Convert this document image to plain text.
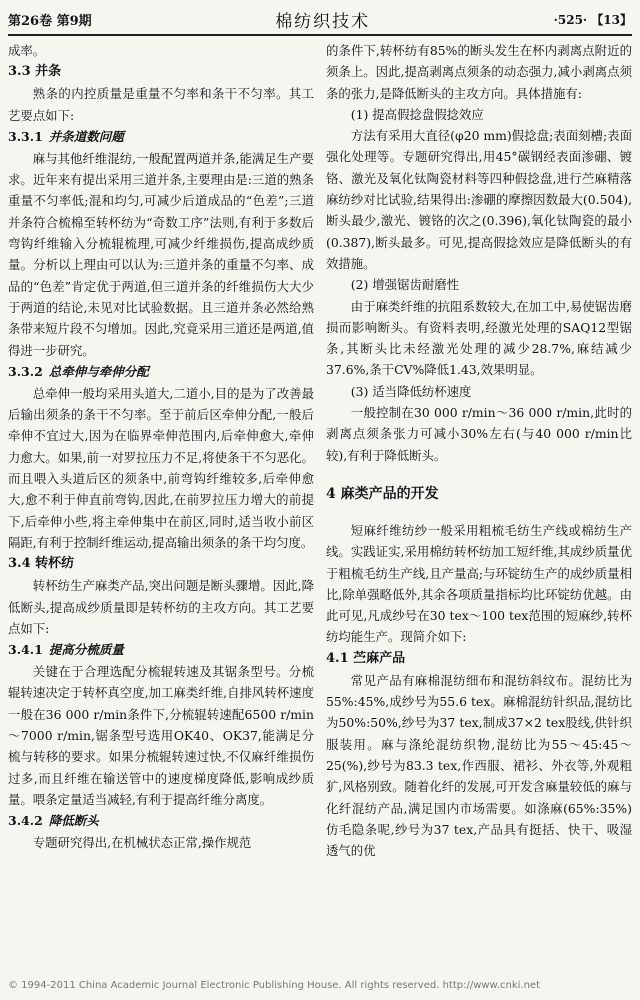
第26卷 第9期	棉纺织技术	·525· 【13】

成率。

3.3 并条

熟条的内控质量是重量不匀率和条干不匀率。其工艺要点如下:

3.3.1 并条道数问题

麻与其他纤维混纺,一般配置两道并条,能满足生产要求。近年来有提出采用三道并条,主要理由是:三道的熟条重量不匀率低;混和均匀,可减少后道成品的“色差”;三道并条符合梳棉至转杯纺为“奇数工序”法则,有利于多数后弯钩纤维输入分梳辊梳理,可减少纤维损伤,提高成纱质量。分析以上理由可以认为:三道并条的重量不匀率、成品的“色差”肯定优于两道,但三道并条的纤维损伤大大少于两道的结论,未见对比试验数据。且三道并条必然给熟条带来短片段不匀增加。因此,究竟采用三道还是两道,值得进一步研究。

3.3.2 总牵伸与牵伸分配

总牵伸一般均采用头道大,二道小,目的是为了改善最后输出须条的条干不匀率。至于前后区牵伸分配,一般后牵伸不宜过大,因为在临界牵伸范围内,后牵伸愈大,牵伸力愈大。如果,前一对罗拉压力不足,将使条干不匀恶化。而且喂入头道后区的须条中,前弯钩纤维较多,后牵伸愈大,愈不利于伸直前弯钩,因此,在前罗拉压力增大的前提下,后牵伸小些,将主牵伸集中在前区,同时,适当收小前区隔距,有利于控制纤维运动,提高输出须条的条干均匀度。

3.4 转杯纺

转杯纺生产麻类产品,突出问题是断头骤增。因此,降低断头,提高成纱质量即是转杯纺的主攻方向。其工艺要点如下:

3.4.1 提高分梳质量

关键在于合理选配分梳辊转速及其锯条型号。分梳辊转速决定于转杯真空度,加工麻类纤维,自排风转杯速度一般在36 000 r/min条件下,分梳辊转速配6500 r/min～7000 r/min,锯条型号选用OK40、OK37,能满足分梳与转移的要求。如果分梳辊转速过快,不仅麻纤维损伤过多,而且纤维在输送管中的速度梯度降低,影响成纱质量。喂条定量适当减轻,有利于提高纤维分离度。

3.4.2 降低断头

专题研究得出,在机械状态正常,操作规范

的条件下,转杯纺有85%的断头发生在杯内剥离点附近的须条上。因此,提高剥离点须条的动态强力,减小剥离点须条的张力,是降低断头的主攻方向。具体措施有:

(1) 提高假捻盘假捻效应

方法有采用大直径(φ20 mm)假捻盘;表面刻槽;表面强化处理等。专题研究得出,用45°碳钢经表面渗硼、镀铬、激光及氧化钛陶瓷材料等四种假捻盘,进行苎麻精落麻纺纱对比试验,结果得出:渗硼的摩擦因数最大(0.504),断头最少,激光、镀铬的次之(0.396),氧化钛陶瓷的最小(0.387),断头最多。可见,提高假捻效应是降低断头的有效措施。

(2) 增强锯齿耐磨性

由于麻类纤维的抗阻系数较大,在加工中,易使锯齿磨损而影响断头。有资料表明,经激光处理的SAQ12型锯条,其断头比未经激光处理的减少28.7%,麻结减少37.6%,条干CV%降低1.43,效果明显。

(3) 适当降低纺杯速度

一般控制在30 000 r/min～36 000 r/min,此时的剥离点须条张力可减小30%左右(与40 000 r/min比较),有利于降低断头。

4 麻类产品的开发

短麻纤维纺纱一般采用粗梳毛纺生产线或棉纺生产线。实践证实,采用棉纺转杯纺加工短纤维,其成纱质量优于粗梳毛纺生产线,且产量高;与环锭纺生产的成纱质量相比,除单强略低外,其余各项质量指标均比环锭纺优越。由此可见,凡成纱号在30 tex～100 tex范围的短麻纱,转杯纺均能生产。现简介如下:

4.1 苎麻产品

常见产品有麻棉混纺细布和混纺斜纹布。混纺比为55%:45%,成纱号为55.6 tex。麻棉混纺针织品,混纺比为50%:50%,纱号为37 tex,制成37×2 tex股线,供针织服装用。麻与涤纶混纺织物,混纺比为55～45:45～25(%),纱号为83.3 tex,作西服、裙衫、外衣等,外观粗犷,风格别致。随着化纤的发展,可开发含麻量较低的麻与化纤混纺产品,满足国内市场需要。如涤麻(65%:35%)仿毛隐条呢,纱号为37 tex,产品具有挺括、快干、吸湿透气的优

© 1994-2011 China Academic Journal Electronic Publishing House. All rights reserved. http://www.cnki.net
